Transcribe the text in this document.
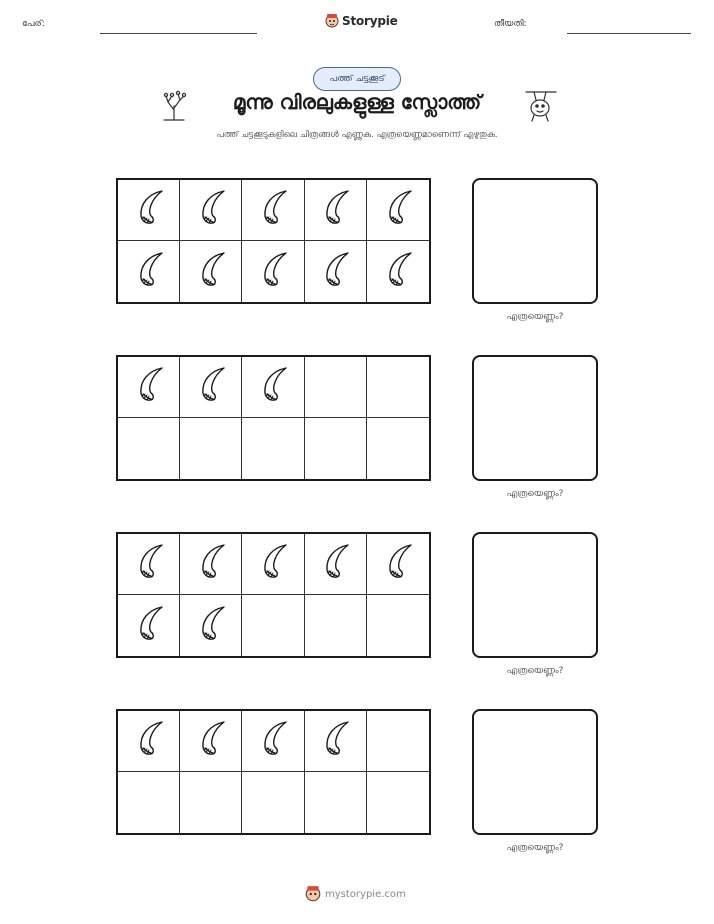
പേര്:	Storypie	തീയതി:
പത്ത് ചട്ടക്കൂട്
മൂന്നു വിരലുകളുള്ള സ്ലോത്ത്
പത്ത് ചട്ടക്കൂടുകളിലെ ചിത്രങ്ങൾ എണ്ണുക. എത്രയെണ്ണമാണെന്ന് എഴുതുക.
എത്രയെണ്ണം?
എത്രയെണ്ണം?
എത്രയെണ്ണം?
എത്രയെണ്ണം?
mystorypie.com
